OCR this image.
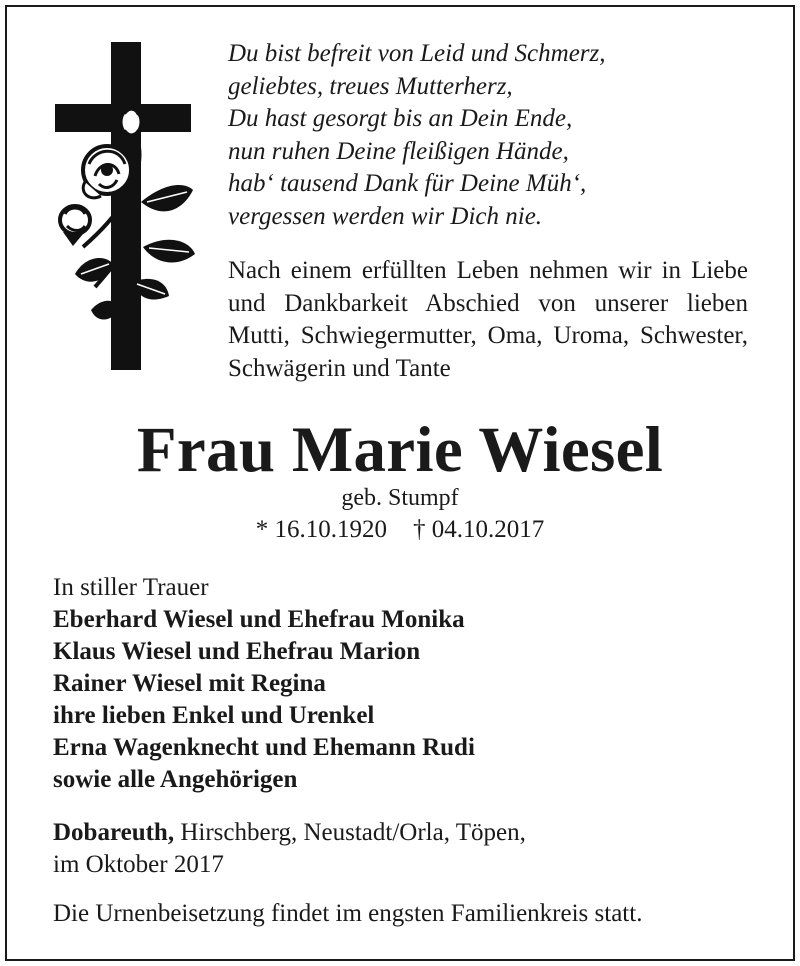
Du bist befreit von Leid und Schmerz,
geliebtes, treues Mutterherz,
Du hast gesorgt bis an Dein Ende,
nun ruhen Deine fleißigen Hände,
hab‘ tausend Dank für Deine Müh‘,
vergessen werden wir Dich nie.
Nach einem erfüllten Leben nehmen wir in Liebe und Dankbarkeit Abschied von unserer lieben Mutti, Schwiegermutter, Oma, Uroma, Schwester, Schwägerin und Tante
Frau Marie Wiesel
geb. Stumpf
* 16.10.1920 † 04.10.2017
In stiller Trauer
Eberhard Wiesel und Ehefrau Monika
Klaus Wiesel und Ehefrau Marion
Rainer Wiesel mit Regina
ihre lieben Enkel und Urenkel
Erna Wagenknecht und Ehemann Rudi
sowie alle Angehörigen
Dobareuth, Hirschberg, Neustadt/Orla, Töpen,
im Oktober 2017
Die Urnenbeisetzung findet im engsten Familienkreis statt.
